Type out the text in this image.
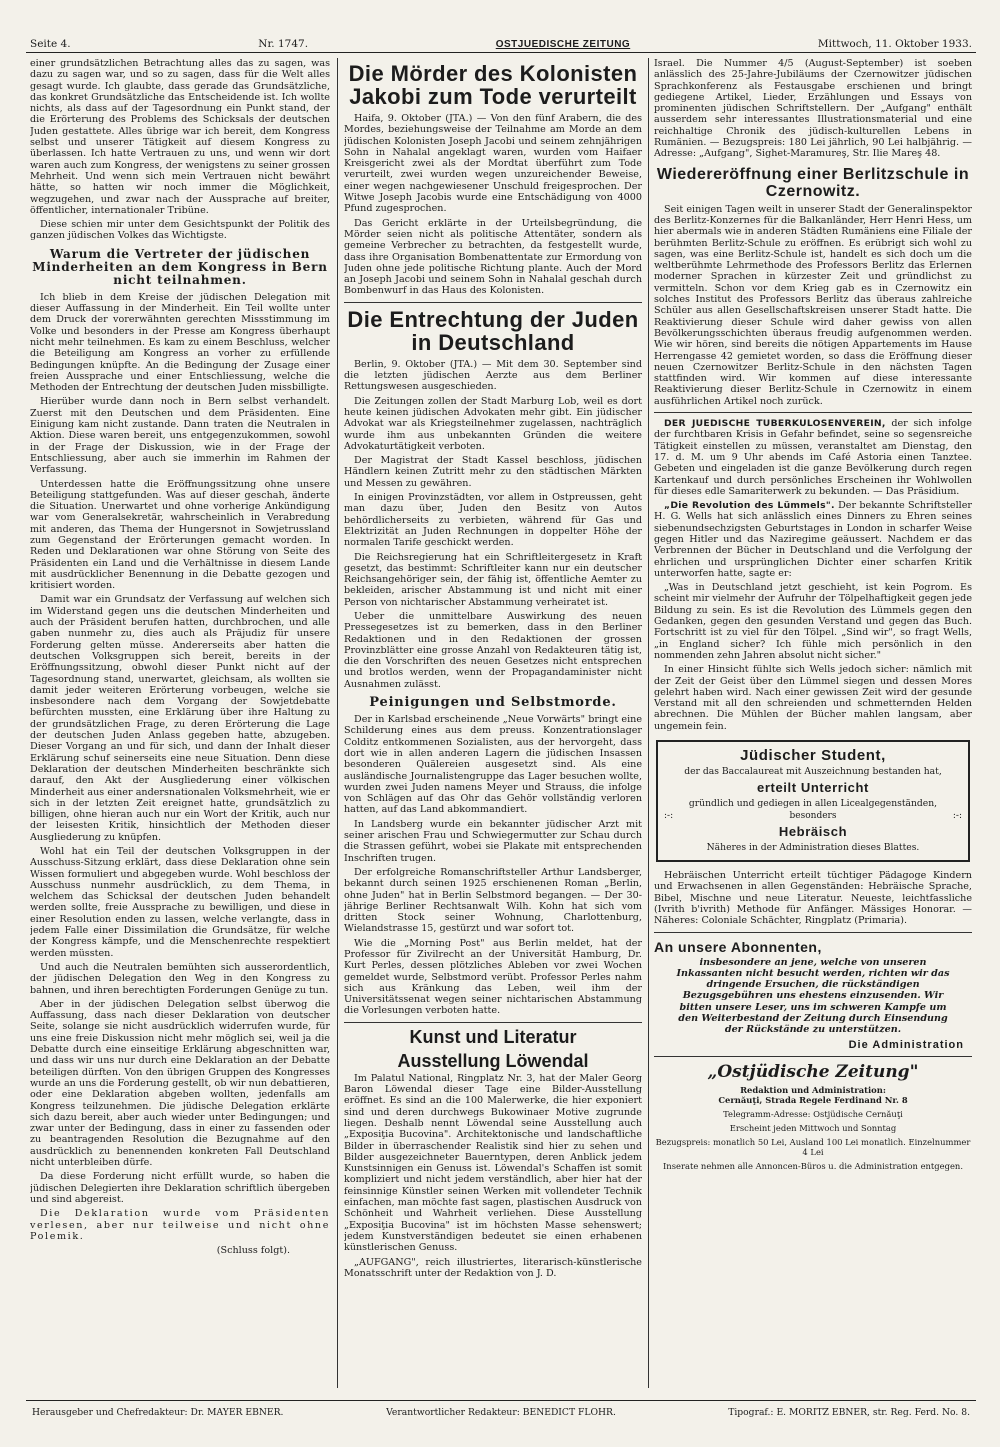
Seite 4.	Nr. 1747.	OSTJUEDISCHE ZEITUNG	Mittwoch, 11. Oktober 1933.

einer grundsätzlichen Betrachtung alles das zu sagen, was dazu zu sagen war, und so zu sagen, dass für die Welt alles gesagt wurde. Ich glaubte, dass gerade das Grundsätzliche, das konkret Grundsätzliche das Entscheidende ist. Ich wollte nichts, als dass auf der Tagesordnung ein Punkt stand, der die Erörterung des Problems des Schicksals der deutschen Juden gestattete. Alles übrige war ich bereit, dem Kongress selbst und unserer Tätigkeit auf diesem Kongress zu überlassen. Ich hatte Vertrauen zu uns, und wenn wir dort waren auch zum Kongress, der wenigstens zu seiner grossen Mehrheit. Und wenn sich mein Vertrauen nicht bewährt hätte, so hatten wir noch immer die Möglichkeit, wegzugehen, und zwar nach der Aussprache auf breiter, öffentlicher, internationaler Tribüne.

Diese schien mir unter dem Gesichtspunkt der Politik des ganzen jüdischen Volkes das Wichtigste.

Warum die Vertreter der jüdischen Minderheiten an dem Kongress in Bern nicht teilnahmen.

Ich blieb in dem Kreise der jüdischen Delegation mit dieser Auffassung in der Minderheit. Ein Teil wollte unter dem Druck der vorerwähnten gerechten Missstimmung im Volke und besonders in der Presse am Kongress überhaupt nicht mehr teilnehmen. Es kam zu einem Beschluss, welcher die Beteiligung am Kongress an vorher zu erfüllende Bedingungen knüpfte. An die Bedingung der Zusage einer freien Aussprache und einer Entschliessung, welche die Methoden der Entrechtung der deutschen Juden missbilligte.

Hierüber wurde dann noch in Bern selbst verhandelt. Zuerst mit den Deutschen und dem Präsidenten. Eine Einigung kam nicht zustande. Dann traten die Neutralen in Aktion. Diese waren bereit, uns entgegenzukommen, sowohl in der Frage der Diskussion, wie in der Frage der Entschliessung, aber auch sie immerhin im Rahmen der Verfassung.

Unterdessen hatte die Eröffnungssitzung ohne unsere Beteiligung stattgefunden. Was auf dieser geschah, änderte die Situation. Unerwartet und ohne vorherige Ankündigung war vom Generalsekretär, wahrscheinlich in Verabredung mit anderen, das Thema der Hungersnot in Sowjetrussland zum Gegenstand der Erörterungen gemacht worden. In Reden und Deklarationen war ohne Störung von Seite des Präsidenten ein Land und die Verhältnisse in diesem Lande mit ausdrücklicher Benennung in die Debatte gezogen und kritisiert worden.

Damit war ein Grundsatz der Verfassung auf welchen sich im Widerstand gegen uns die deutschen Minderheiten und auch der Präsident berufen hatten, durchbrochen, und alle gaben nunmehr zu, dies auch als Präjudiz für unsere Forderung gelten müsse. Andererseits aber hatten die deutschen Volksgruppen sich bereit, bereits in der Eröffnungssitzung, obwohl dieser Punkt nicht auf der Tagesordnung stand, unerwartet, gleichsam, als wollten sie damit jeder weiteren Erörterung vorbeugen, welche sie insbesondere nach dem Vorgang der Sowjetdebatte befürchten mussten, eine Erklärung über ihre Haltung zu der grundsätzlichen Frage, zu deren Erörterung die Lage der deutschen Juden Anlass gegeben hatte, abzugeben. Dieser Vorgang an und für sich, und dann der Inhalt dieser Erklärung schuf seinerseits eine neue Situation. Denn diese Deklaration der deutschen Minderheiten beschränkte sich darauf, den Akt der Ausgliederung einer völkischen Minderheit aus einer andersnationalen Volksmehrheit, wie er sich in der letzten Zeit ereignet hatte, grundsätzlich zu billigen, ohne hieran auch nur ein Wort der Kritik, auch nur der leisesten Kritik, hinsichtlich der Methoden dieser Ausgliederung zu knüpfen.

Wohl hat ein Teil der deutschen Volksgruppen in der Ausschuss-Sitzung erklärt, dass diese Deklaration ohne sein Wissen formuliert und abgegeben wurde. Wohl beschloss der Ausschuss nunmehr ausdrücklich, zu dem Thema, in welchem das Schicksal der deutschen Juden behandelt werden sollte, freie Aussprache zu bewilligen, und diese in einer Resolution enden zu lassen, welche verlangte, dass in jedem Falle einer Dissimilation die Grundsätze, für welche der Kongress kämpfe, und die Menschenrechte respektiert werden müssten.

Und auch die Neutralen bemühten sich ausserordentlich, der jüdischen Delegation den Weg in den Kongress zu bahnen, und ihren berechtigten Forderungen Genüge zu tun.

Aber in der jüdischen Delegation selbst überwog die Auffassung, dass nach dieser Deklaration von deutscher Seite, solange sie nicht ausdrücklich widerrufen wurde, für uns eine freie Diskussion nicht mehr möglich sei, weil ja die Debatte durch eine einseitige Erklärung abgeschnitten war, und dass wir uns nur durch eine Deklaration an der Debatte beteiligen dürften. Von den übrigen Gruppen des Kongresses wurde an uns die Forderung gestellt, ob wir nun debattieren, oder eine Deklaration abgeben wollten, jedenfalls am Kongress teilzunehmen. Die jüdische Delegation erklärte sich dazu bereit, aber auch wieder unter Bedingungen; und zwar unter der Bedingung, dass in einer zu fassenden oder zu beantragenden Resolution die Bezugnahme auf den ausdrücklich zu benennenden konkreten Fall Deutschland nicht unterbleiben dürfe.

Da diese Forderung nicht erfüllt wurde, so haben die jüdischen Delegierten ihre Deklaration schriftlich übergeben und sind abgereist.

Die Deklaration wurde vom Präsidenten verlesen, aber nur teilweise und nicht ohne Polemik.

(Schluss folgt).

Die Mörder des Kolonisten Jakobi zum Tode verurteilt

Haifa, 9. Oktober (JTA.) — Von den fünf Arabern, die des Mordes, beziehungsweise der Teilnahme am Morde an dem jüdischen Kolonisten Joseph Jacobi und seinem zehnjährigen Sohn in Nahalal angeklagt waren, wurden vom Haifaer Kreisgericht zwei als der Mordtat überführt zum Tode verurteilt, zwei wurden wegen unzureichender Beweise, einer wegen nachgewiesener Unschuld freigesprochen. Der Witwe Joseph Jacobis wurde eine Entschädigung von 4000 Pfund zugesprochen.

Das Gericht erklärte in der Urteilsbegründung, die Mörder seien nicht als politische Attentäter, sondern als gemeine Verbrecher zu betrachten, da festgestellt wurde, dass ihre Organisation Bombenattentate zur Ermordung von Juden ohne jede politische Richtung plante. Auch der Mord an Joseph Jacobi und seinem Sohn in Nahalal geschah durch Bombenwurf in das Haus des Kolonisten.

Die Entrechtung der Juden in Deutschland

Berlin, 9. Oktober (JTA.) — Mit dem 30. September sind die letzten jüdischen Aerzte aus dem Berliner Rettungswesen ausgeschieden.

Die Zeitungen zollen der Stadt Marburg Lob, weil es dort heute keinen jüdischen Advokaten mehr gibt. Ein jüdischer Advokat war als Kriegsteilnehmer zugelassen, nachträglich wurde ihm aus unbekannten Gründen die weitere Advokaturtätigkeit verboten.

Der Magistrat der Stadt Kassel beschloss, jüdischen Händlern keinen Zutritt mehr zu den städtischen Märkten und Messen zu gewähren.

In einigen Provinzstädten, vor allem in Ostpreussen, geht man dazu über, Juden den Besitz von Autos behördlicherseits zu verbieten, während für Gas und Elektrizität an Juden Rechnungen in doppelter Höhe der normalen Tarife geschickt werden.

Die Reichsregierung hat ein Schriftleitergesetz in Kraft gesetzt, das bestimmt: Schriftleiter kann nur ein deutscher Reichsangehöriger sein, der fähig ist, öffentliche Aemter zu bekleiden, arischer Abstammung ist und nicht mit einer Person von nichtarischer Abstammung verheiratet ist.

Ueber die unmittelbare Auswirkung des neuen Pressegesetzes ist zu bemerken, dass in den Berliner Redaktionen und in den Redaktionen der grossen Provinzblätter eine grosse Anzahl von Redakteuren tätig ist, die den Vorschriften des neuen Gesetzes nicht entsprechen und brotlos werden, wenn der Propagandaminister nicht Ausnahmen zulässt.

Peinigungen und Selbstmorde.

Der in Karlsbad erscheinende „Neue Vorwärts" bringt eine Schilderung eines aus dem preuss. Konzentrationslager Colditz entkommenen Sozialisten, aus der hervorgeht, dass dort wie in allen anderen Lagern die jüdischen Insassen besonderen Quälereien ausgesetzt sind. Als eine ausländische Journalistengruppe das Lager besuchen wollte, wurden zwei Juden namens Meyer und Strauss, die infolge von Schlägen auf das Ohr das Gehör vollständig verloren hatten, auf das Land abkommandiert.

In Landsberg wurde ein bekannter jüdischer Arzt mit seiner arischen Frau und Schwiegermutter zur Schau durch die Strassen geführt, wobei sie Plakate mit entsprechenden Inschriften trugen.

Der erfolgreiche Romanschriftsteller Arthur Landsberger, bekannt durch seinen 1925 erschienenen Roman „Berlin, ohne Juden" hat in Berlin Selbstmord begangen. — Der 30-jährige Berliner Rechtsanwalt Wilh. Kohn hat sich vom dritten Stock seiner Wohnung, Charlottenburg, Wielandstrasse 15, gestürzt und war sofort tot.

Wie die „Morning Post" aus Berlin meldet, hat der Professor für Zivilrecht an der Universität Hamburg, Dr. Kurt Perles, dessen plötzliches Ableben vor zwei Wochen gemeldet wurde, Selbstmord verübt. Professor Perles nahm sich aus Kränkung das Leben, weil ihm der Universitätssenat wegen seiner nichtarischen Abstammung die Vorlesungen verboten hatte.

Kunst und Literatur
Ausstellung Löwendal

Im Palatul National, Ringplatz Nr. 3, hat der Maler Georg Baron Löwendal dieser Tage eine Bilder-Ausstellung eröffnet. Es sind an die 100 Malerwerke, die hier exponiert sind und deren durchwegs Bukowinaer Motive zugrunde liegen. Deshalb nennt Löwendal seine Ausstellung auch „Exposiţia Bucovina". Architektonische und landschaftliche Bilder in überraschender Realistik sind hier zu sehen und Bilder ausgezeichneter Bauerntypen, deren Anblick jedem Kunstsinnigen ein Genuss ist. Löwendal's Schaffen ist somit kompliziert und nicht jedem verständlich, aber hier hat der feinsinnige Künstler seinen Werken mit vollendeter Technik einfachen, man möchte fast sagen, plastischen Ausdruck von Schönheit und Wahrheit verliehen. Diese Ausstellung „Exposiţia Bucovina" ist im höchsten Masse sehenswert; jedem Kunstverständigen bedeutet sie einen erhabenen künstlerischen Genuss.

„AUFGANG", reich illustriertes, literarisch-künstlerische Monatsschrift unter der Redaktion von J. D.

Israel. Die Nummer 4/5 (August-September) ist soeben anlässlich des 25-Jahre-Jubiläums der Czernowitzer jüdischen Sprachkonferenz als Festausgabe erschienen und bringt gediegene Artikel, Lieder, Erzählungen und Essays von prominenten jüdischen Schriftstellern. Der „Aufgang" enthält ausserdem sehr interessantes Illustrationsmaterial und eine reichhaltige Chronik des jüdisch-kulturellen Lebens in Rumänien. — Bezugspreis: 180 Lei jährlich, 90 Lei halbjährig. — Adresse: „Aufgang", Sighet-Maramureş, Str. Ilie Mareş 48.

Wiedereröffnung einer Berlitzschule in Czernowitz.

Seit einigen Tagen weilt in unserer Stadt der Generalinspektor des Berlitz-Konzernes für die Balkanländer, Herr Henri Hess, um hier abermals wie in anderen Städten Rumäniens eine Filiale der berühmten Berlitz-Schule zu eröffnen. Es erübrigt sich wohl zu sagen, was eine Berlitz-Schule ist, handelt es sich doch um die weltberühmte Lehrmethode des Professors Berlitz das Erlernen moderner Sprachen in kürzester Zeit und gründlichst zu vermitteln. Schon vor dem Krieg gab es in Czernowitz ein solches Institut des Professors Berlitz das überaus zahlreiche Schüler aus allen Gesellschaftskreisen unserer Stadt hatte. Die Reaktivierung dieser Schule wird daher gewiss von allen Bevölkerungsschichten überaus freudig aufgenommen werden. Wie wir hören, sind bereits die nötigen Appartements im Hause Herrengasse 42 gemietet worden, so dass die Eröffnung dieser neuen Czernowitzer Berlitz-Schule in den nächsten Tagen stattfinden wird. Wir kommen auf diese interessante Reaktivierung dieser Berlitz-Schule in Czernowitz in einem ausführlichen Artikel noch zurück.

DER JUEDISCHE TUBERKULOSENVEREIN, der sich infolge der furchtbaren Krisis in Gefahr befindet, seine so segensreiche Tätigkeit einstellen zu müssen, veranstaltet am Dienstag, den 17. d. M. um 9 Uhr abends im Café Astoria einen Tanztee. Gebeten und eingeladen ist die ganze Bevölkerung durch regen Kartenkauf und durch persönliches Erscheinen ihr Wohlwollen für dieses edle Samariterwerk zu bekunden. — Das Präsidium.

„Die Revolution des Lümmels". Der bekannte Schriftsteller H. G. Wells hat sich anlässlich eines Dinners zu Ehren seines siebenundsechzigsten Geburtstages in London in scharfer Weise gegen Hitler und das Naziregime geäussert. Nachdem er das Verbrennen der Bücher in Deutschland und die Verfolgung der ehrlichen und ursprünglichen Dichter einer scharfen Kritik unterworfen hatte, sagte er:

„Was in Deutschland jetzt geschieht, ist kein Pogrom. Es scheint mir vielmehr der Aufruhr der Tölpelhaftigkeit gegen jede Bildung zu sein. Es ist die Revolution des Lümmels gegen den Gedanken, gegen den gesunden Verstand und gegen das Buch. Fortschritt ist zu viel für den Tölpel. „Sind wir", so fragt Wells, „in England sicher? Ich fühle mich persönlich in den nommenden zehn Jahren absolut nicht sicher."

In einer Hinsicht fühlte sich Wells jedoch sicher: nämlich mit der Zeit der Geist über den Lümmel siegen und dessen Mores gelehrt haben wird. Nach einer gewissen Zeit wird der gesunde Verstand mit all den schreienden und schmetternden Helden abrechnen. Die Mühlen der Bücher mahlen langsam, aber ungemein fein.

Jüdischer Student,
der das Baccalaureat mit Auszeichnung bestanden hat,
erteilt Unterricht
gründlich und gediegen in allen Licealgegenständen,
:-:	besonders	:-:
Hebräisch
Näheres in der Administration dieses Blattes.

Hebräischen Unterricht erteilt tüchtiger Pädagoge Kindern und Erwachsenen in allen Gegenständen: Hebräische Sprache, Bibel, Mischne und neue Literatur. Neueste, leichtfassliche (Ivrith b'ivrith) Methode für Anfänger. Mässiges Honorar. — Näheres: Coloniale Schächter, Ringplatz (Primaria).

An unsere Abonnenten,
insbesondere an jene, welche von unseren Inkassanten nicht besucht werden, richten wir das dringende Ersuchen, die rückständigen Bezugsgebühren uns ehestens einzusenden. Wir bitten unsere Leser, uns im schweren Kampfe um den Weiterbestand der Zeitung durch Einsendung der Rückstände zu unterstützen.
Die Administration
„Ostjüdische Zeitung"
Redaktion und Administration:
Cernăuţi, Strada Regele Ferdinand Nr. 8
Telegramm-Adresse: Ostjüdische Cernăuţi
Erscheint jeden Mittwoch und Sonntag
Bezugspreis: monatlich 50 Lei, Ausland 100 Lei monatlich. Einzelnummer 4 Lei
Inserate nehmen alle Annoncen-Büros u. die Administration entgegen.
Herausgeber und Chefredakteur: Dr. MAYER EBNER.	Verantwortlicher Redakteur: BENEDICT FLOHR.	Tipograf.: E. MORITZ EBNER, str. Reg. Ferd. No. 8.
